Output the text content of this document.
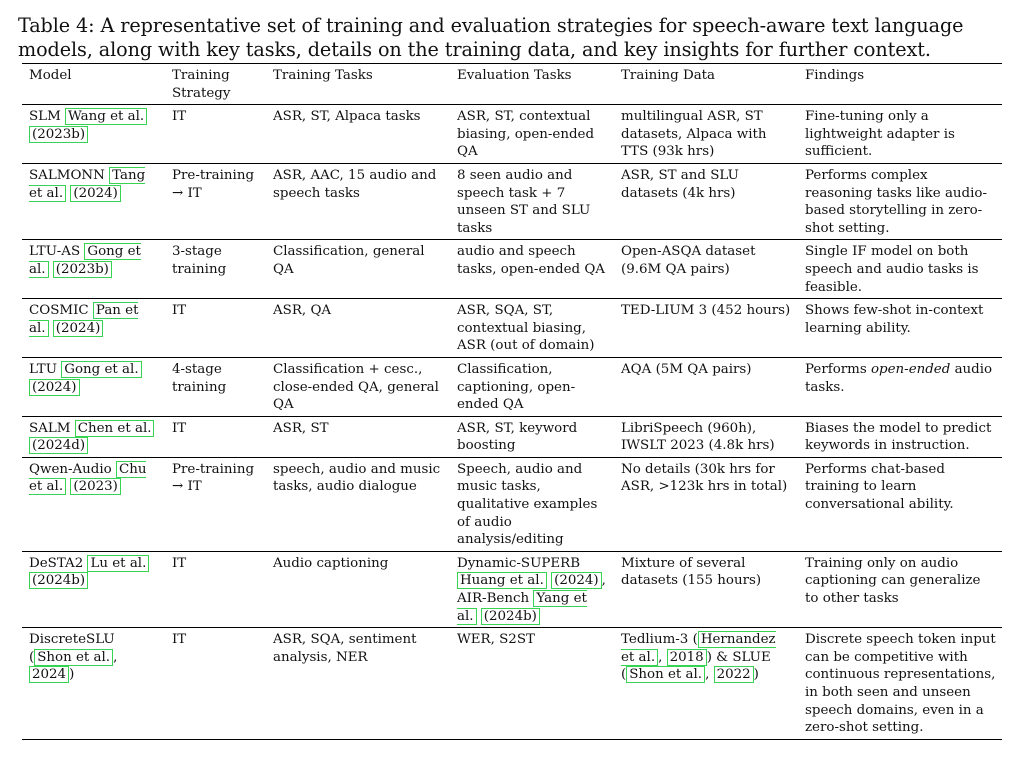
Table 4: A representative set of training and evaluation strategies for speech-aware text language models, along with key tasks, details on the training data, and key insights for further context.

Model	Training Strategy	Training Tasks	Evaluation Tasks	Training Data	Findings
SLM Wang et al. (2023b)	IT	ASR, ST, Alpaca tasks	ASR, ST, contextual biasing, open-ended QA	multilingual ASR, ST datasets, Alpaca with TTS (93k hrs)	Fine-tuning only a lightweight adapter is sufficient.
SALMONN Tang et al. (2024)	Pre-training → IT	ASR, AAC, 15 audio and speech tasks	8 seen audio and speech task + 7 unseen ST and SLU tasks	ASR, ST and SLU datasets (4k hrs)	Performs complex reasoning tasks like audio-based storytelling in zero-shot setting.
LTU-AS Gong et al. (2023b)	3-stage training	Classification, general QA	audio and speech tasks, open-ended QA	Open-ASQA dataset (9.6M QA pairs)	Single IF model on both speech and audio tasks is feasible.
COSMIC Pan et al. (2024)	IT	ASR, QA	ASR, SQA, ST, contextual biasing, ASR (out of domain)	TED-LIUM 3 (452 hours)	Shows few-shot in-context learning ability.
LTU Gong et al. (2024)	4-stage training	Classification + cesc., close-ended QA, general QA	Classification, captioning, open-ended QA	AQA (5M QA pairs)	Performs open-ended audio tasks.
SALM Chen et al. (2024d)	IT	ASR, ST	ASR, ST, keyword boosting	LibriSpeech (960h), IWSLT 2023 (4.8k hrs)	Biases the model to predict keywords in instruction.
Qwen-Audio Chu et al. (2023)	Pre-training → IT	speech, audio and music tasks, audio dialogue	Speech, audio and music tasks, qualitative examples of audio analysis/editing	No details (30k hrs for ASR, >123k hrs in total)	Performs chat-based training to learn conversational ability.
DeSTA2 Lu et al. (2024b)	IT	Audio captioning	Dynamic-SUPERB Huang et al. (2024) , AIR-Bench Yang et al. (2024b)	Mixture of several datasets (155 hours)	Training only on audio captioning can generalize to other tasks
DiscreteSLU ( Shon et al. , 2024 )	IT	ASR, SQA, sentiment analysis, NER	WER, S2ST	Tedlium-3 ( Hernandez et al. , 2018 ) & SLUE ( Shon et al. , 2022 )	Discrete speech token input can be competitive with continuous representations, in both seen and unseen speech domains, even in a zero-shot setting.
